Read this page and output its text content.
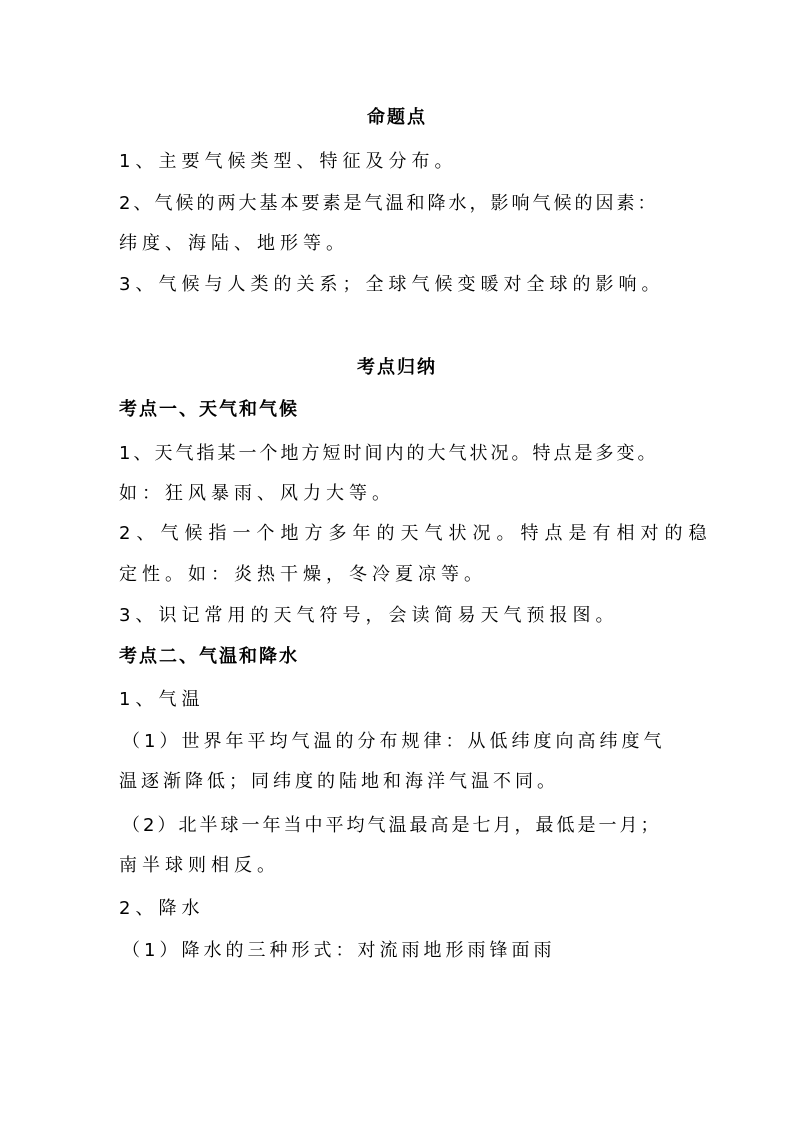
命题点
1、主要气候类型、特征及分布。
2、气候的两大基本要素是气温和降水，影响气候的因素：
纬度、海陆、地形等。
3、气候与人类的关系；全球气候变暖对全球的影响。
考点归纳
考点一、天气和气候
1、天气指某一个地方短时间内的大气状况。特点是多变。
如：狂风暴雨、风力大等。
2、气候指一个地方多年的天气状况。特点是有相对的稳
定性。如：炎热干燥，冬冷夏凉等。
3、识记常用的天气符号，会读简易天气预报图。
考点二、气温和降水
1、气温
（1）世界年平均气温的分布规律：从低纬度向高纬度气
温逐渐降低；同纬度的陆地和海洋气温不同。
（2）北半球一年当中平均气温最高是七月，最低是一月；
南半球则相反。
2、降水
（1）降水的三种形式：对流雨地形雨锋面雨
